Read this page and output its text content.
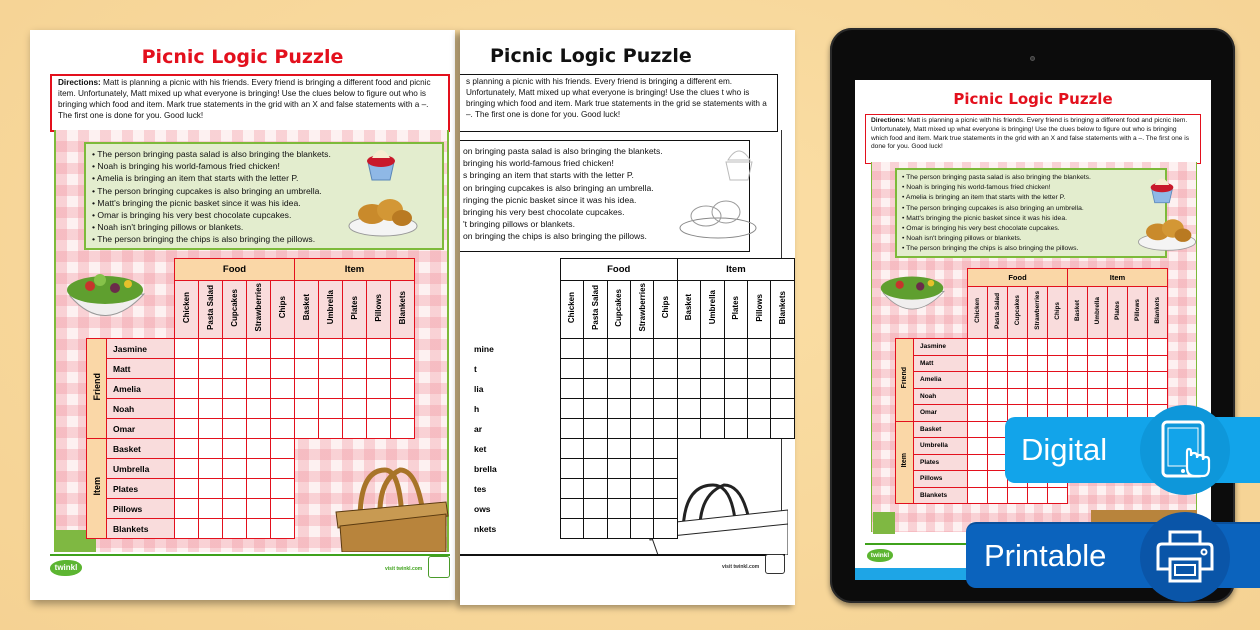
Picnic Logic Puzzle
Directions: Matt is planning a picnic with his friends. Every friend is bringing a different food and picnic item. Unfortunately, Matt mixed up what everyone is bringing! Use the clues below to figure out who is bringing which food and item. Mark true statements in the grid with an X and false statements with a –. The first one is done for you. Good luck!
• The person bringing pasta salad is also bringing the blankets.
• Noah is bringing his world-famous fried chicken!
• Amelia is bringing an item that starts with the letter P.
• The person bringing cupcakes is also bringing an umbrella.
• Matt's bringing the picnic basket since it was his idea.
• Omar is bringing his very best chocolate cupcakes.
• Noah isn't bringing pillows or blankets.
• The person bringing the chips is also bringing the pillows.
		Food					Item				
		Chicken	Pasta Salad	Cupcakes	Strawberries	Chips	Basket	Umbrella	Plates	Pillows	Blankets
Friend	Jasmine										
	Matt										
	Amelia										
	Noah										
	Omar										
Item	Basket										
	Umbrella										
	Plates										
	Pillows										
	Blankets										
twinkl	visit twinkl.com
Picnic Logic Puzzle
s planning a picnic with his friends. Every friend is bringing a different em. Unfortunately, Matt mixed up what everyone is bringing! Use the clues t who is bringing which food and item. Mark true statements in the grid se statements with a –. The first one is done for you. Good luck!
on bringing pasta salad is also bringing the blankets.
bringing his world-famous fried chicken!
s bringing an item that starts with the letter P.
on bringing cupcakes is also bringing an umbrella.
ringing the picnic basket since it was his idea.
bringing his very best chocolate cupcakes.
't bringing pillows or blankets.
on bringing the chips is also bringing the pillows.
	Food	Item
Chicken	Pasta Salad	Cupcakes	Strawberries	Chips	Basket	Umbrella	Plates	Pillows	Blankets
mine										
t										
lia										
h										
ar										
ket						
brella					
tes					
ows					
nkets					
visit twinkl.com
Picnic Logic Puzzle
Directions: Matt is planning a picnic with his friends. Every friend is bringing a different food and picnic item. Unfortunately, Matt mixed up what everyone is bringing! Use the clues below to figure out who is bringing which food and item. Mark true statements in the grid with an X and false statements with a –. The first one is done for you. Good luck!
• The person bringing pasta salad is also bringing the blankets.
• Noah is bringing his world-famous fried chicken!
• Amelia is bringing an item that starts with the letter P.
• The person bringing cupcakes is also bringing an umbrella.
• Matt's bringing the picnic basket since it was his idea.
• Omar is bringing his very best chocolate cupcakes.
• Noah isn't bringing pillows or blankets.
• The person bringing the chips is also bringing the pillows.
		Food					Item				
		Chicken	Pasta Salad	Cupcakes	Strawberries	Chips	Basket	Umbrella	Plates	Pillows	Blankets
Friend	Jasmine										
	Matt										
	Amelia										
	Noah										
	Omar										
Item	Basket										
	Umbrella										
	Plates										
	Pillows										
	Blankets										
twinkl
Digital
Printable
